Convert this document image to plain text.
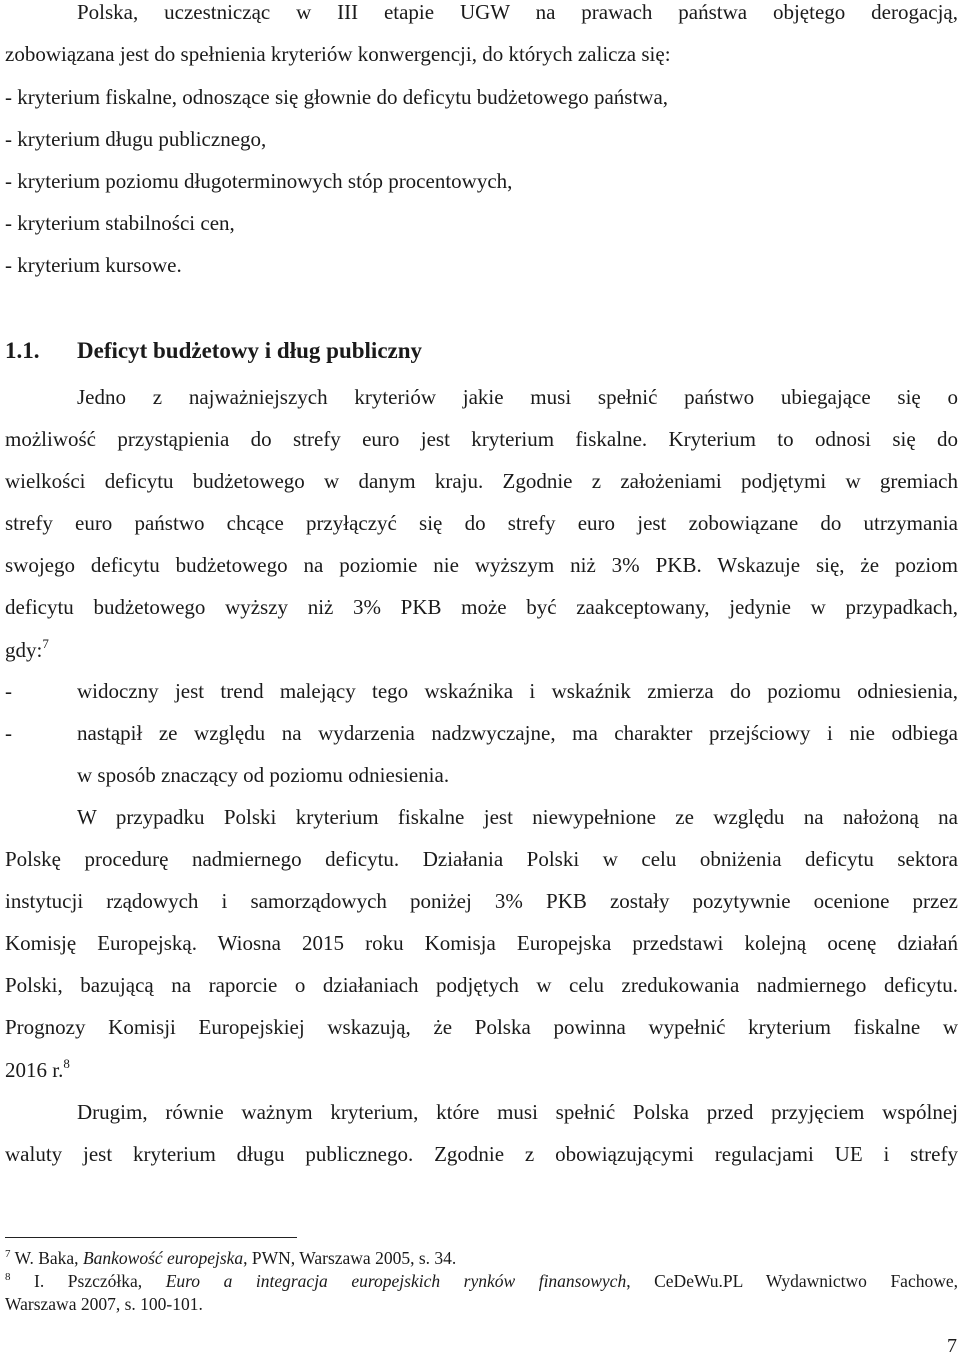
Polska, uczestnicząc w III etapie UGW na prawach państwa objętego derogacją,
zobowiązana jest do spełnienia kryteriów konwergencji, do których zalicza się:
- kryterium fiskalne, odnoszące się głownie do deficytu budżetowego państwa,
- kryterium długu publicznego,
- kryterium poziomu długoterminowych stóp procentowych,
- kryterium stabilności cen,
- kryterium kursowe.
1.1. Deficyt budżetowy i dług publiczny
Jedno z najważniejszych kryteriów jakie musi spełnić państwo ubiegające się o
możliwość przystąpienia do strefy euro jest kryterium fiskalne. Kryterium to odnosi się do
wielkości deficytu budżetowego w danym kraju. Zgodnie z założeniami podjętymi w gremiach
strefy euro państwo chcące przyłączyć się do strefy euro jest zobowiązane do utrzymania
swojego deficytu budżetowego na poziomie nie wyższym niż 3% PKB. Wskazuje się, że poziom
deficytu budżetowego wyższy niż 3% PKB może być zaakceptowany, jedynie w przypadkach,
gdy:$^7$
-	widoczny jest trend malejący tego wskaźnika i wskaźnik zmierza do poziomu odniesienia,
-	nastąpił ze względu na wydarzenia nadzwyczajne, ma charakter przejściowy i nie odbiega
w sposób znaczący od poziomu odniesienia.
W przypadku Polski kryterium fiskalne jest niewypełnione ze względu na nałożoną na
Polskę procedurę nadmiernego deficytu. Działania Polski w celu obniżenia deficytu sektora
instytucji rządowych i samorządowych poniżej 3% PKB zostały pozytywnie ocenione przez
Komisję Europejską. Wiosna 2015 roku Komisja Europejska przedstawi kolejną ocenę działań
Polski, bazującą na raporcie o działaniach podjętych w celu zredukowania nadmiernego deficytu.
Prognozy Komisji Europejskiej wskazują, że Polska powinna wypełnić kryterium fiskalne w
2016 r.$^8$
Drugim, równie ważnym kryterium, które musi spełnić Polska przed przyjęciem wspólnej
waluty jest kryterium długu publicznego. Zgodnie z obowiązującymi regulacjami UE i strefy
$^7$ W. Baka, Bankowość europejska, PWN, Warszawa 2005, s. 34.
$^8$ I. Pszczółka, Euro a integracja europejskich rynków finansowych, CeDeWu.PL Wydawnictwo Fachowe,
Warszawa 2007, s. 100-101.
7
